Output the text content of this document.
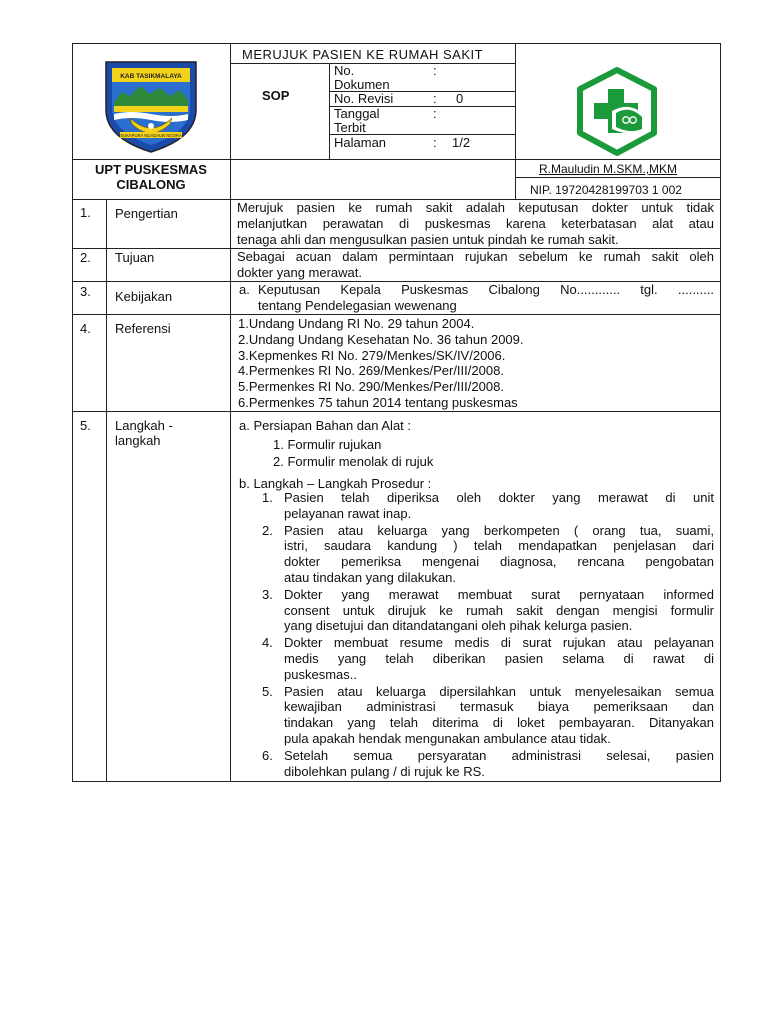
KAB TASIKMALAYA
SUKAPURA NGADAUN NGORA
MERUJUK PASIEN KE RUMAH SAKIT
SOP
No. Dokumen
:
No. Revisi	: 0
Tanggal Terbit
:
Halaman	: 1/2
UPT PUSKESMAS
CIBALONG
R.Mauludin M.SKM.,MKM
NIP. 19720428199703 1 002
1. Pengertian	Merujuk pasien ke rumah sakit adalah keputusan dokter untuk tidak
melanjutkan perawatan di puskesmas karena keterbatasan alat atau
tenaga ahli dan mengusulkan pasien untuk pindah ke rumah sakit.
2. Tujuan	Sebagai acuan dalam permintaan rujukan sebelum ke rumah sakit oleh
dokter yang merawat.
3. Kebijakan	a. Keputusan Kepala Puskesmas Cibalong No............ tgl. ..........
tentang Pendelegasian wewenang
4. Referensi	1.Undang Undang RI No. 29 tahun 2004.
2.Undang Undang Kesehatan No. 36 tahun 2009.
3.Kepmenkes RI No. 279/Menkes/SK/IV/2006.
4.Permenkes RI No. 269/Menkes/Per/III/2008.
5.Permenkes RI No. 290/Menkes/Per/III/2008.
6.Permenkes 75 tahun 2014 tentang puskesmas
5. Langkah -
langkah
a. Persiapan Bahan dan Alat :
1. Formulir rujukan
2. Formulir menolak di rujuk
b. Langkah – Langkah Prosedur :
1. Pasien telah diperiksa oleh dokter yang merawat di unit
pelayanan rawat inap.
2. Pasien atau keluarga yang berkompeten ( orang tua, suami,
istri, saudara kandung ) telah mendapatkan penjelasan dari
dokter pemeriksa mengenai diagnosa, rencana pengobatan
atau tindakan yang dilakukan.
3. Dokter yang merawat membuat surat pernyataan informed
consent untuk dirujuk ke rumah sakit dengan mengisi formulir
yang disetujui dan ditandatangani oleh pihak kelurga pasien.
4. Dokter membuat resume medis di surat rujukan atau pelayanan
medis yang telah diberikan pasien selama di rawat di
puskesmas..
5. Pasien atau keluarga dipersilahkan untuk menyelesaikan semua
kewajiban administrasi termasuk biaya pemeriksaan dan
tindakan yang telah diterima di loket pembayaran. Ditanyakan
pula apakah hendak mengunakan ambulance atau tidak.
6. Setelah semua persyaratan administrasi selesai, pasien
dibolehkan pulang / di rujuk ke RS.
